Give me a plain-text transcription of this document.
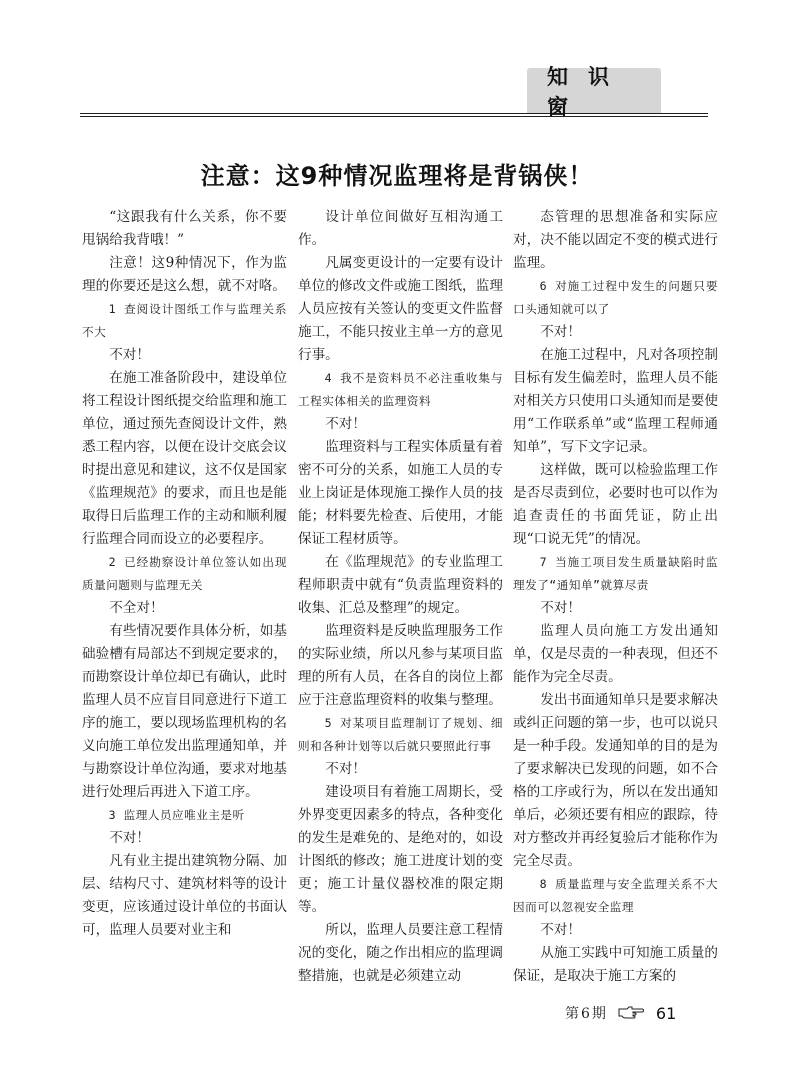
知识窗
注意：这9种情况监理将是背锅侠！

“这跟我有什么关系，你不要甩锅给我背哦！”

注意！这9种情况下，作为监理的你要还是这么想，就不对咯。

1 查阅设计图纸工作与监理关系不大

不对！

在施工准备阶段中，建设单位将工程设计图纸提交给监理和施工单位，通过预先查阅设计文件，熟悉工程内容，以便在设计交底会议时提出意见和建议，这不仅是国家《监理规范》的要求，而且也是能取得日后监理工作的主动和顺利履行监理合同而设立的必要程序。

2 已经勘察设计单位签认如出现质量问题则与监理无关

不全对！

有些情况要作具体分析，如基础验槽有局部达不到规定要求的，而勘察设计单位却已有确认，此时监理人员不应盲目同意进行下道工序的施工，要以现场监理机构的名义向施工单位发出监理通知单，并与勘察设计单位沟通，要求对地基进行处理后再进入下道工序。

3 监理人员应唯业主是听

不对！

凡有业主提出建筑物分隔、加层、结构尺寸、建筑材料等的设计变更，应该通过设计单位的书面认可，监理人员要对业主和

设计单位间做好互相沟通工作。

凡属变更设计的一定要有设计单位的修改文件或施工图纸，监理人员应按有关签认的变更文件监督施工，不能只按业主单一方的意见行事。

4 我不是资料员不必注重收集与工程实体相关的监理资料

不对！

监理资料与工程实体质量有着密不可分的关系，如施工人员的专业上岗证是体现施工操作人员的技能；材料要先检查、后使用，才能保证工程材质等。

在《监理规范》的专业监理工程师职责中就有“负责监理资料的收集、汇总及整理”的规定。

监理资料是反映监理服务工作的实际业绩，所以凡参与某项目监理的所有人员，在各自的岗位上都应于注意监理资料的收集与整理。

5 对某项目监理制订了规划、细则和各种计划等以后就只要照此行事

不对！

建设项目有着施工周期长，受外界变更因素多的特点，各种变化的发生是难免的、是绝对的，如设计图纸的修改；施工进度计划的变更；施工计量仪器校准的限定期等。

所以，监理人员要注意工程情况的变化，随之作出相应的监理调整措施，也就是必须建立动

态管理的思想准备和实际应对，决不能以固定不变的模式进行监理。

6 对施工过程中发生的问题只要口头通知就可以了

不对！

在施工过程中，凡对各项控制目标有发生偏差时，监理人员不能对相关方只使用口头通知而是要使用“工作联系单”或“监理工程师通知单”，写下文字记录。

这样做，既可以检验监理工作是否尽责到位，必要时也可以作为追查责任的书面凭证，防止出现“口说无凭”的情况。

7 当施工项目发生质量缺陷时监理发了“通知单”就算尽责

不对！

监理人员向施工方发出通知单，仅是尽责的一种表现，但还不能作为完全尽责。

发出书面通知单只是要求解决或纠正问题的第一步，也可以说只是一种手段。发通知单的目的是为了要求解决已发现的问题，如不合格的工序或行为，所以在发出通知单后，必须还要有相应的跟踪，待对方整改并再经复验后才能称作为完全尽责。

8 质量监理与安全监理关系不大因而可以忽视安全监理

不对！

从施工实践中可知施工质量的保证，是取决于施工方案的

第6期	61
